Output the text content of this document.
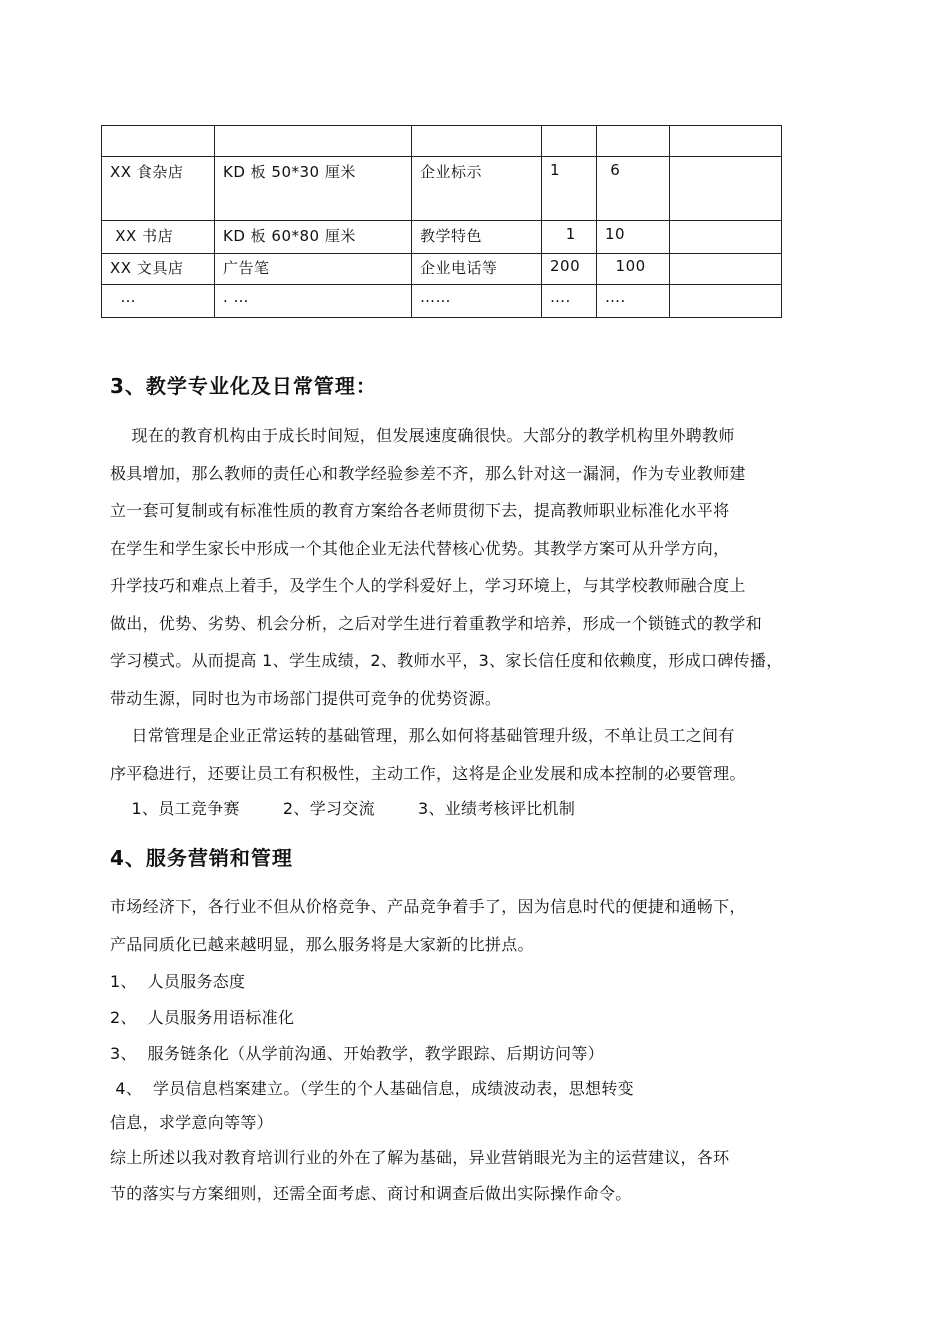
XX 食杂店	KD 板 50*30 厘米	企业标示	1	6	
XX 书店	KD 板 60*80 厘米	教学特色	1	10	
XX 文具店	广告笔	企业电话等	200	100	
…	. …	……	….	….	
3、教学专业化及日常管理：
现在的教育机构由于成长时间短，但发展速度确很快。大部分的教学机构里外聘教师
极具增加，那么教师的责任心和教学经验参差不齐，那么针对这一漏洞，作为专业教师建
立一套可复制或有标准性质的教育方案给各老师贯彻下去，提高教师职业标准化水平将
在学生和学生家长中形成一个其他企业无法代替核心优势。其教学方案可从升学方向，
升学技巧和难点上着手，及学生个人的学科爱好上，学习环境上，与其学校教师融合度上
做出，优势、劣势、机会分析，之后对学生进行着重教学和培养，形成一个锁链式的教学和
学习模式。从而提高 1、学生成绩，2、教师水平，3、家长信任度和依赖度，形成口碑传播，
带动生源，同时也为市场部门提供可竞争的优势资源。
日常管理是企业正常运转的基础管理，那么如何将基础管理升级，不单让员工之间有
序平稳进行，还要让员工有积极性，主动工作，这将是企业发展和成本控制的必要管理。
1、员工竞争赛        2、学习交流        3、业绩考核评比机制
4、服务营销和管理
市场经济下，各行业不但从价格竞争、产品竞争着手了，因为信息时代的便捷和通畅下，
产品同质化已越来越明显，那么服务将是大家新的比拼点。
1、  人员服务态度
2、  人员服务用语标准化
3、  服务链条化（从学前沟通、开始教学，教学跟踪、后期访问等）
4、  学员信息档案建立。（学生的个人基础信息，成绩波动表，思想转变
信息，求学意向等等）
综上所述以我对教育培训行业的外在了解为基础，异业营销眼光为主的运营建议，各环
节的落实与方案细则，还需全面考虑、商讨和调查后做出实际操作命令。
